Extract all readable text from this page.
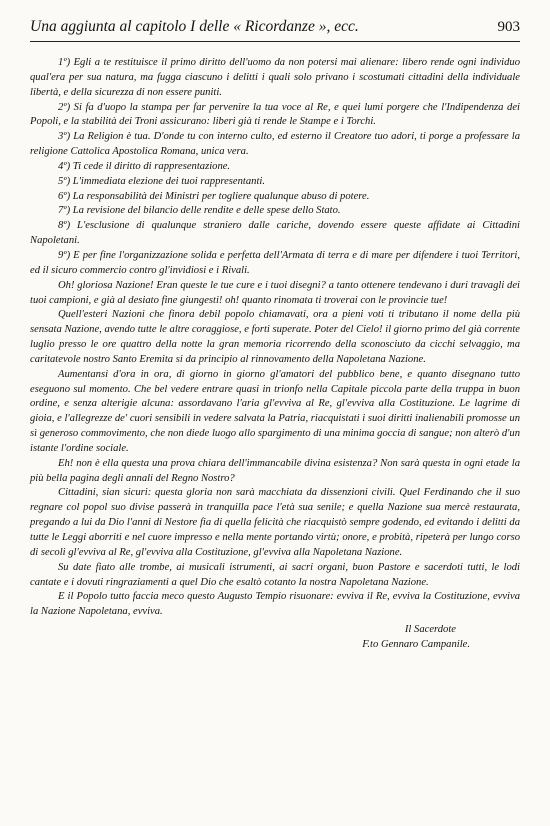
Una aggiunta al capitolo I delle « Ricordanze », ecc.	903

1º) Egli a te restituisce il primo diritto dell'uomo da non potersi mai alienare: libero rende ogni individuo qual'era per sua natura, ma fugga ciascuno i delitti i quali solo privano i scostumati cittadini della individuale libertà, e della sicurezza di non essere puniti.

2º) Si fa d'uopo la stampa per far pervenire la tua voce al Re, e quei lumi porgere che l'Indipendenza dei Popoli, e la stabilità dei Troni assicurano: liberi già ti rende le Stampe e i Torchi.

3º) La Religion è tua. D'onde tu con interno culto, ed esterno il Creatore tuo adori, ti porge a professare la religione Cattolica Apostolica Romana, unica vera.

4º) Ti cede il diritto di rappresentazione.

5º) L'immediata elezione dei tuoi rappresentanti.

6º) La responsabilità dei Ministri per togliere qualunque abuso di potere.

7º) La revisione del bilancio delle rendite e delle spese dello Stato.

8º) L'esclusione di qualunque straniero dalle cariche, dovendo essere queste affidate ai Cittadini Napoletani.

9º) E per fine l'organizzazione solida e perfetta dell'Armata di terra e di mare per difendere i tuoi Territori, ed il sicuro commercio contro gl'invidiosi e i Rivali.

Oh! gloriosa Nazione! Eran queste le tue cure e i tuoi disegni? a tanto ottenere tendevano i duri travagli dei tuoi campioni, e già al desiato fine giungesti! oh! quanto rinomata ti troverai con le provincie tue!

Quell'esteri Nazioni che finora debil popolo chiamavati, ora a pieni voti ti tributano il nome della più sensata Nazione, avendo tutte le altre coraggiose, e forti superate. Poter del Cielo! il giorno primo del già corrente luglio presso le ore quattro della notte la gran memoria ricorrendo della sconosciuto da cicchi selvaggio, ma caritatevole nostro Santo Eremita si da principio al rinnovamento della Napoletana Nazione.

Aumentansi d'ora in ora, di giorno in giorno gl'amatori del pubblico bene, e quanto disegnano tutto eseguono sul momento. Che bel vedere entrare quasi in trionfo nella Capitale piccola parte della truppa in buon ordine, e senza alterigie alcuna: assordavano l'aria gl'evviva al Re, gl'evviva alla Costituzione. Le lagrime di gioia, e l'allegrezze de' cuori sensibili in vedere salvata la Patria, riacquistati i suoi diritti inalienabili promosse un sì generoso commovimento, che non diede luogo allo spargimento di una minima goccia di sangue; non alterò d'un istante l'ordine sociale.

Eh! non è ella questa una prova chiara dell'immancabile divina esistenza? Non sarà questa in ogni etade la più bella pagina degli annali del Regno Nostro?

Cittadini, sian sicuri: questa gloria non sarà macchiata da dissenzioni civili. Quel Ferdinando che il suo regnare col popol suo divise passerà in tranquilla pace l'età sua senile; e quella Nazione sua mercè restaurata, pregando a lui da Dio l'anni di Nestore fia di quella felicità che riacquistò sempre godendo, ed evitando i delitti da tutte le Leggi aborriti e nel cuore impresso e nella mente portando virtù; onore, e probità, ripeterà per lungo corso di secoli gl'evviva al Re, gl'evviva alla Costituzione, gl'evviva alla Napoletana Nazione.

Su date fiato alle trombe, ai musicali istrumenti, ai sacri organi, buon Pastore e sacerdoti tutti, le lodi cantate e i dovuti ringraziamenti a quel Dio che esaltò cotanto la nostra Napoletana Nazione.

E il Popolo tutto faccia meco questo Augusto Tempio risuonare: evviva il Re, evviva la Costituzione, evviva la Nazione Napoletana, evviva.

Il Sacerdote
F.to Gennaro Campanile.
